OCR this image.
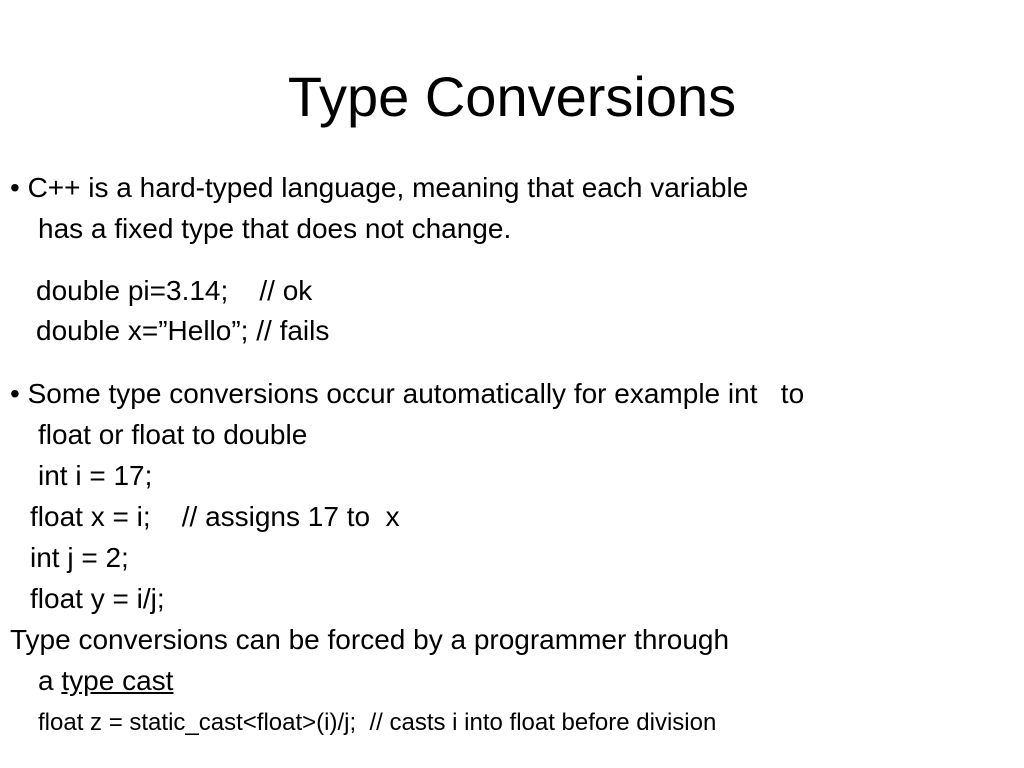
Type Conversions
• C++ is a hard-typed language, meaning that each variable
has a fixed type that does not change.
double pi=3.14;    // ok
double x=”Hello”; // fails
• Some type conversions occur automatically for example int   to
float or float to double
int i = 17;
float x = i;    // assigns 17 to  x
int j = 2;
float y = i/j;
Type conversions can be forced by a programmer through
a type cast
float z = static_cast<float>(i)/j;  // casts i into float before division
